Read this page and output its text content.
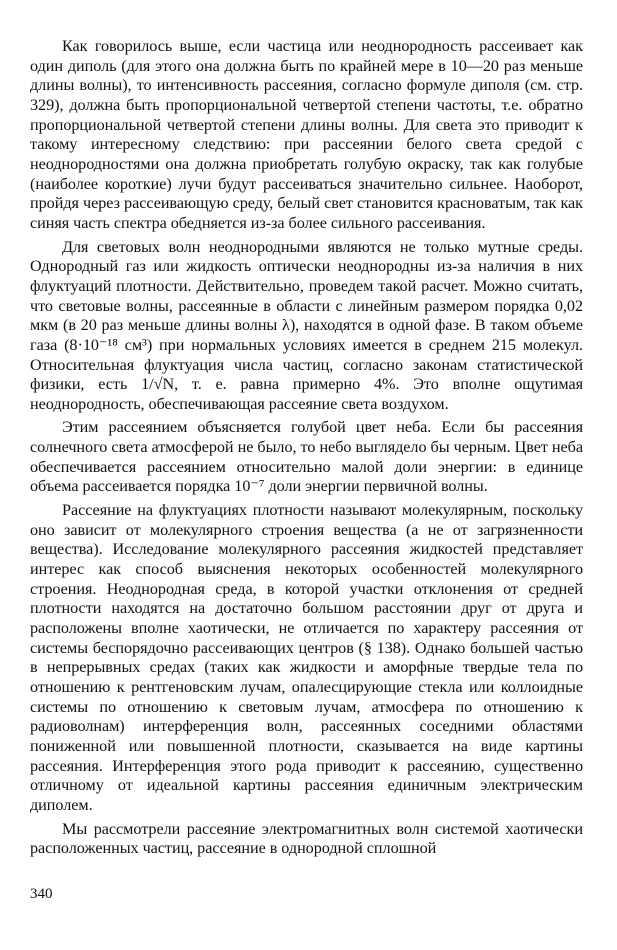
Как говорилось выше, если частица или неоднородность рассеивает как один диполь (для этого она должна быть по крайней мере в 10—20 раз меньше длины волны), то интенсивность рассеяния, согласно формуле диполя (см. стр. 329), должна быть пропорциональной четвертой степени частоты, т.е. обратно пропорциональной четвертой степени длины волны. Для света это приводит к такому интересному следствию: при рассеянии белого света средой с неоднородностями она должна приобретать голубую окраску, так как голубые (наиболее короткие) лучи будут рассеиваться значительно сильнее. Наоборот, пройдя через рассеивающую среду, белый свет становится красноватым, так как синяя часть спектра обедняется из-за более сильного рассеивания.

Для световых волн неоднородными являются не только мутные среды. Однородный газ или жидкость оптически неоднородны из-за наличия в них флуктуаций плотности. Действительно, проведем такой расчет. Можно считать, что световые волны, рассеянные в области с линейным размером порядка 0,02 мкм (в 20 раз меньше длины волны λ), находятся в одной фазе. В таком объеме газа (8·10⁻¹⁸ см³) при нормальных условиях имеется в среднем 215 молекул. Относительная флуктуация числа частиц, согласно законам статистической физики, есть 1/√N, т. е. равна примерно 4%. Это вполне ощутимая неоднородность, обеспечивающая рассеяние света воздухом.

Этим рассеянием объясняется голубой цвет неба. Если бы рассеяния солнечного света атмосферой не было, то небо выглядело бы черным. Цвет неба обеспечивается рассеянием относительно малой доли энергии: в единице объема рассеивается порядка 10⁻⁷ доли энергии первичной волны.

Рассеяние на флуктуациях плотности называют молекулярным, поскольку оно зависит от молекулярного строения вещества (а не от загрязненности вещества). Исследование молекулярного рассеяния жидкостей представляет интерес как способ выяснения некоторых особенностей молекулярного строения. Неоднородная среда, в которой участки отклонения от средней плотности находятся на достаточно большом расстоянии друг от друга и расположены вполне хаотически, не отличается по характеру рассеяния от системы беспорядочно рассеивающих центров (§ 138). Однако большей частью в непрерывных средах (таких как жидкости и аморфные твердые тела по отношению к рентгеновским лучам, опалесцирующие стекла или коллоидные системы по отношению к световым лучам, атмосфера по отношению к радиоволнам) интерференция волн, рассеянных соседними областями пониженной или повышенной плотности, сказывается на виде картины рассеяния. Интерференция этого рода приводит к рассеянию, существенно отличному от идеальной картины рассеяния единичным электрическим диполем.

Мы рассмотрели рассеяние электромагнитных волн системой хаотически расположенных частиц, рассеяние в однородной сплошной

340
